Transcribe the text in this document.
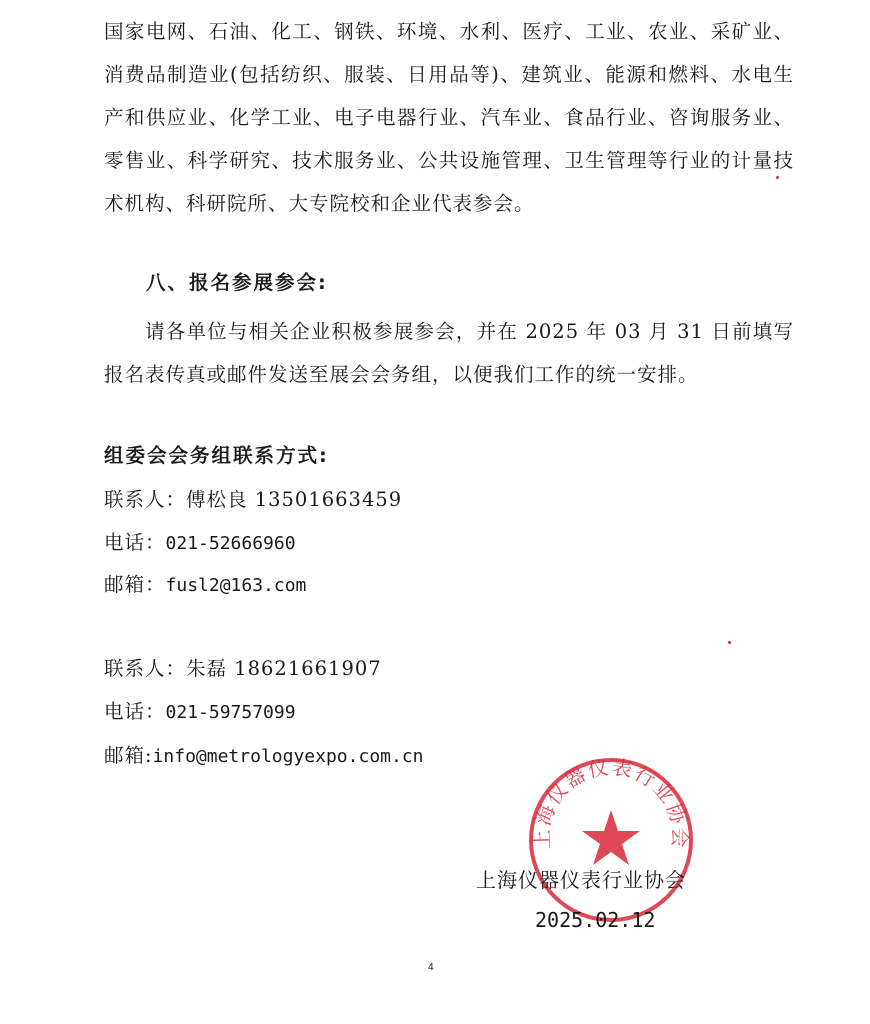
国家电网、石油、化工、钢铁、环境、水利、医疗、工业、农业、采矿业、消费品制造业(包括纺织、服装、日用品等)、建筑业、能源和燃料、水电生产和供应业、化学工业、电子电器行业、汽车业、食品行业、咨询服务业、零售业、科学研究、技术服务业、公共设施管理、卫生管理等行业的计量技术机构、科研院所、大专院校和企业代表参会。
八、报名参展参会:
请各单位与相关企业积极参展参会，并在 2025 年 03 月 31 日前填写报名表传真或邮件发送至展会会务组，以便我们工作的统一安排。
组委会会务组联系方式:
联系人：傅松良 13501663459
电话：021-52666960
邮箱：fusl2@163.com
联系人：朱磊 18621661907
电话：021-59757099
邮箱:info@metrologyexpo.com.cn
上海仪器仪表行业协会
上海仪器仪表行业协会
2025.02.12
4
